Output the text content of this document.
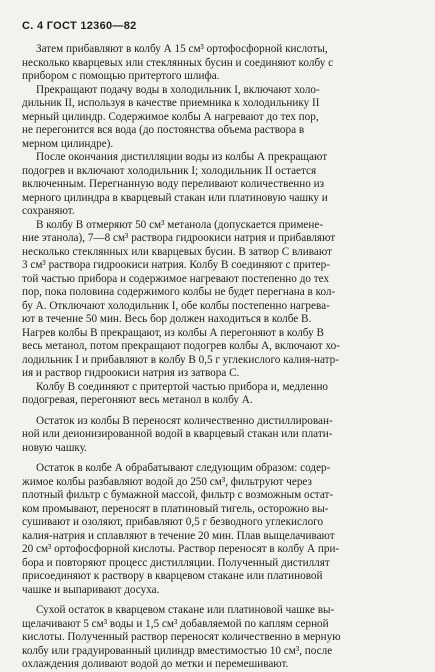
С. 4 ГОСТ 12360—82
Затем прибавляют в колбу А 15 см³ ортофосфорной кислоты,
несколько кварцевых или стеклянных бусин и соединяют колбу с
прибором с помощью притертого шлифа.
Прекращают подачу воды в холодильник I, включают холо-
дильник II, используя в качестве приемника к холодильнику II
мерный цилиндр. Содержимое колбы А нагревают до тех пор,
не перегонится вся вода (до постоянства объема раствора в
мерном цилиндре).
После окончания дистилляции воды из колбы А прекращают
подогрев и включают холодильник I; холодильник II остается
включенным. Перегнанную воду переливают количественно из
мерного цилиндра в кварцевый стакан или платиновую чашку и
сохраняют.
В колбу В отмеряют 50 см³ метанола (допускается примене-
ние этанола), 7—8 см³ раствора гидроокиси натрия и прибавляют
несколько стеклянных или кварцевых бусин. В затвор С вливают
3 см³ раствора гидроокиси натрия. Колбу В соединяют с притер-
той частью прибора и содержимое нагревают постепенно до тех
пор, пока половина содержимого колбы не будет перегнана в кол-
бу А. Отключают холодильник I, обе колбы постепенно нагрева-
ют в течение 50 мин. Весь бор должен находиться в колбе В.
Нагрев колбы В прекращают, из колбы А перегоняют в колбу В
весь метанол, потом прекращают подогрев колбы А, включают хо-
лодильник I и прибавляют в колбу В 0,5 г углекислого калия-натр-
ия и раствор гидроокиси натрия из затвора С.
Колбу В соединяют с притертой частью прибора и, медленно
подогревая, перегоняют весь метанол в колбу А.
Остаток из колбы В переносят количественно дистиллирован-
ной или деионизированной водой в кварцевый стакан или плати-
новую чашку.
Остаток в колбе А обрабатывают следующим образом: содер-
жимое колбы разбавляют водой до 250 см³, фильтруют через
плотный фильтр с бумажной массой, фильтр с возможным остат-
ком промывают, переносят в платиновый тигель, осторожно вы-
сушивают и озоляют, прибавляют 0,5 г безводного углекислого
калия-натрия и сплавляют в течение 20 мин. Плав выщелачивают
20 см³ ортофосфорной кислоты. Раствор переносят в колбу А при-
бора и повторяют процесс дистилляции. Полученный дистиллят
присоединяют к раствору в кварцевом стакане или платиновой
чашке и выпаривают досуха.
Сухой остаток в кварцевом стакане или платиновой чашке вы-
щелачивают 5 см³ воды и 1,5 см³ добавляемой по каплям серной
кислоты. Полученный раствор переносят количественно в мерную
колбу или градуированный цилиндр вместимостью 10 см³, после
охлаждения доливают водой до метки и перемешивают.
